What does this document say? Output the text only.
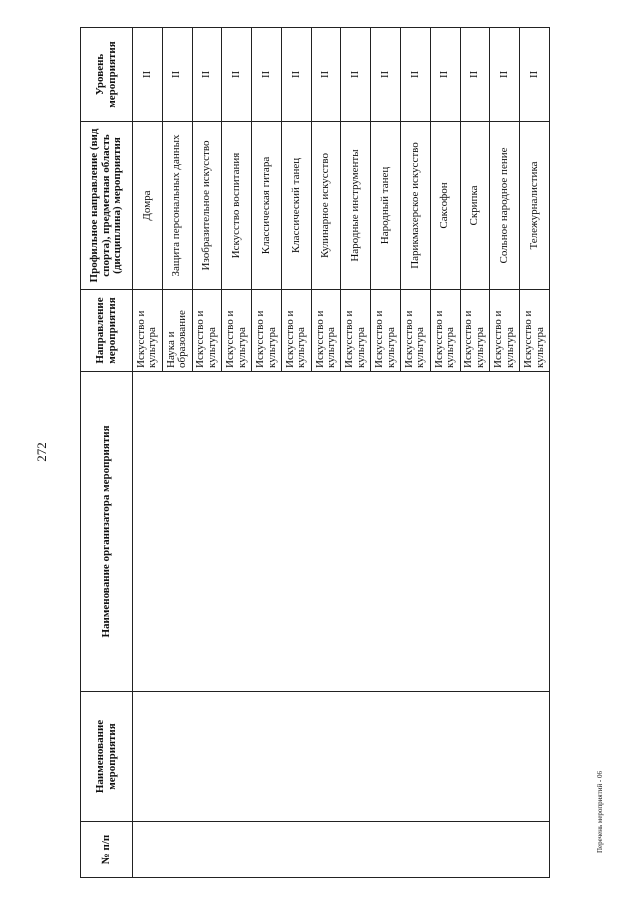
272
№ п/п	Наименование мероприятия	Наименование организатора мероприятия	Направление мероприятия	Профильное направление (вид спорта), предметная область (дисциплина) мероприятия	Уровень мероприятия
			Искусство и культура	Домра	II
			Наука и образование	Защита персональных данных	II
			Искусство и культура	Изобразительное искусство	II
			Искусство и культура	Искусство воспитания	II
			Искусство и культура	Классическая гитара	II
			Искусство и культура	Классический танец	II
			Искусство и культура	Кулинарное искусство	II
			Искусство и культура	Народные инструменты	II
			Искусство и культура	Народный танец	II
			Искусство и культура	Парикмахерское искусство	II
			Искусство и культура	Саксофон	II
			Искусство и культура	Скрипка	II
			Искусство и культура	Сольное народное пение	II
			Искусство и культура	Тележурналистика	II
Перечень мероприятий - 06
